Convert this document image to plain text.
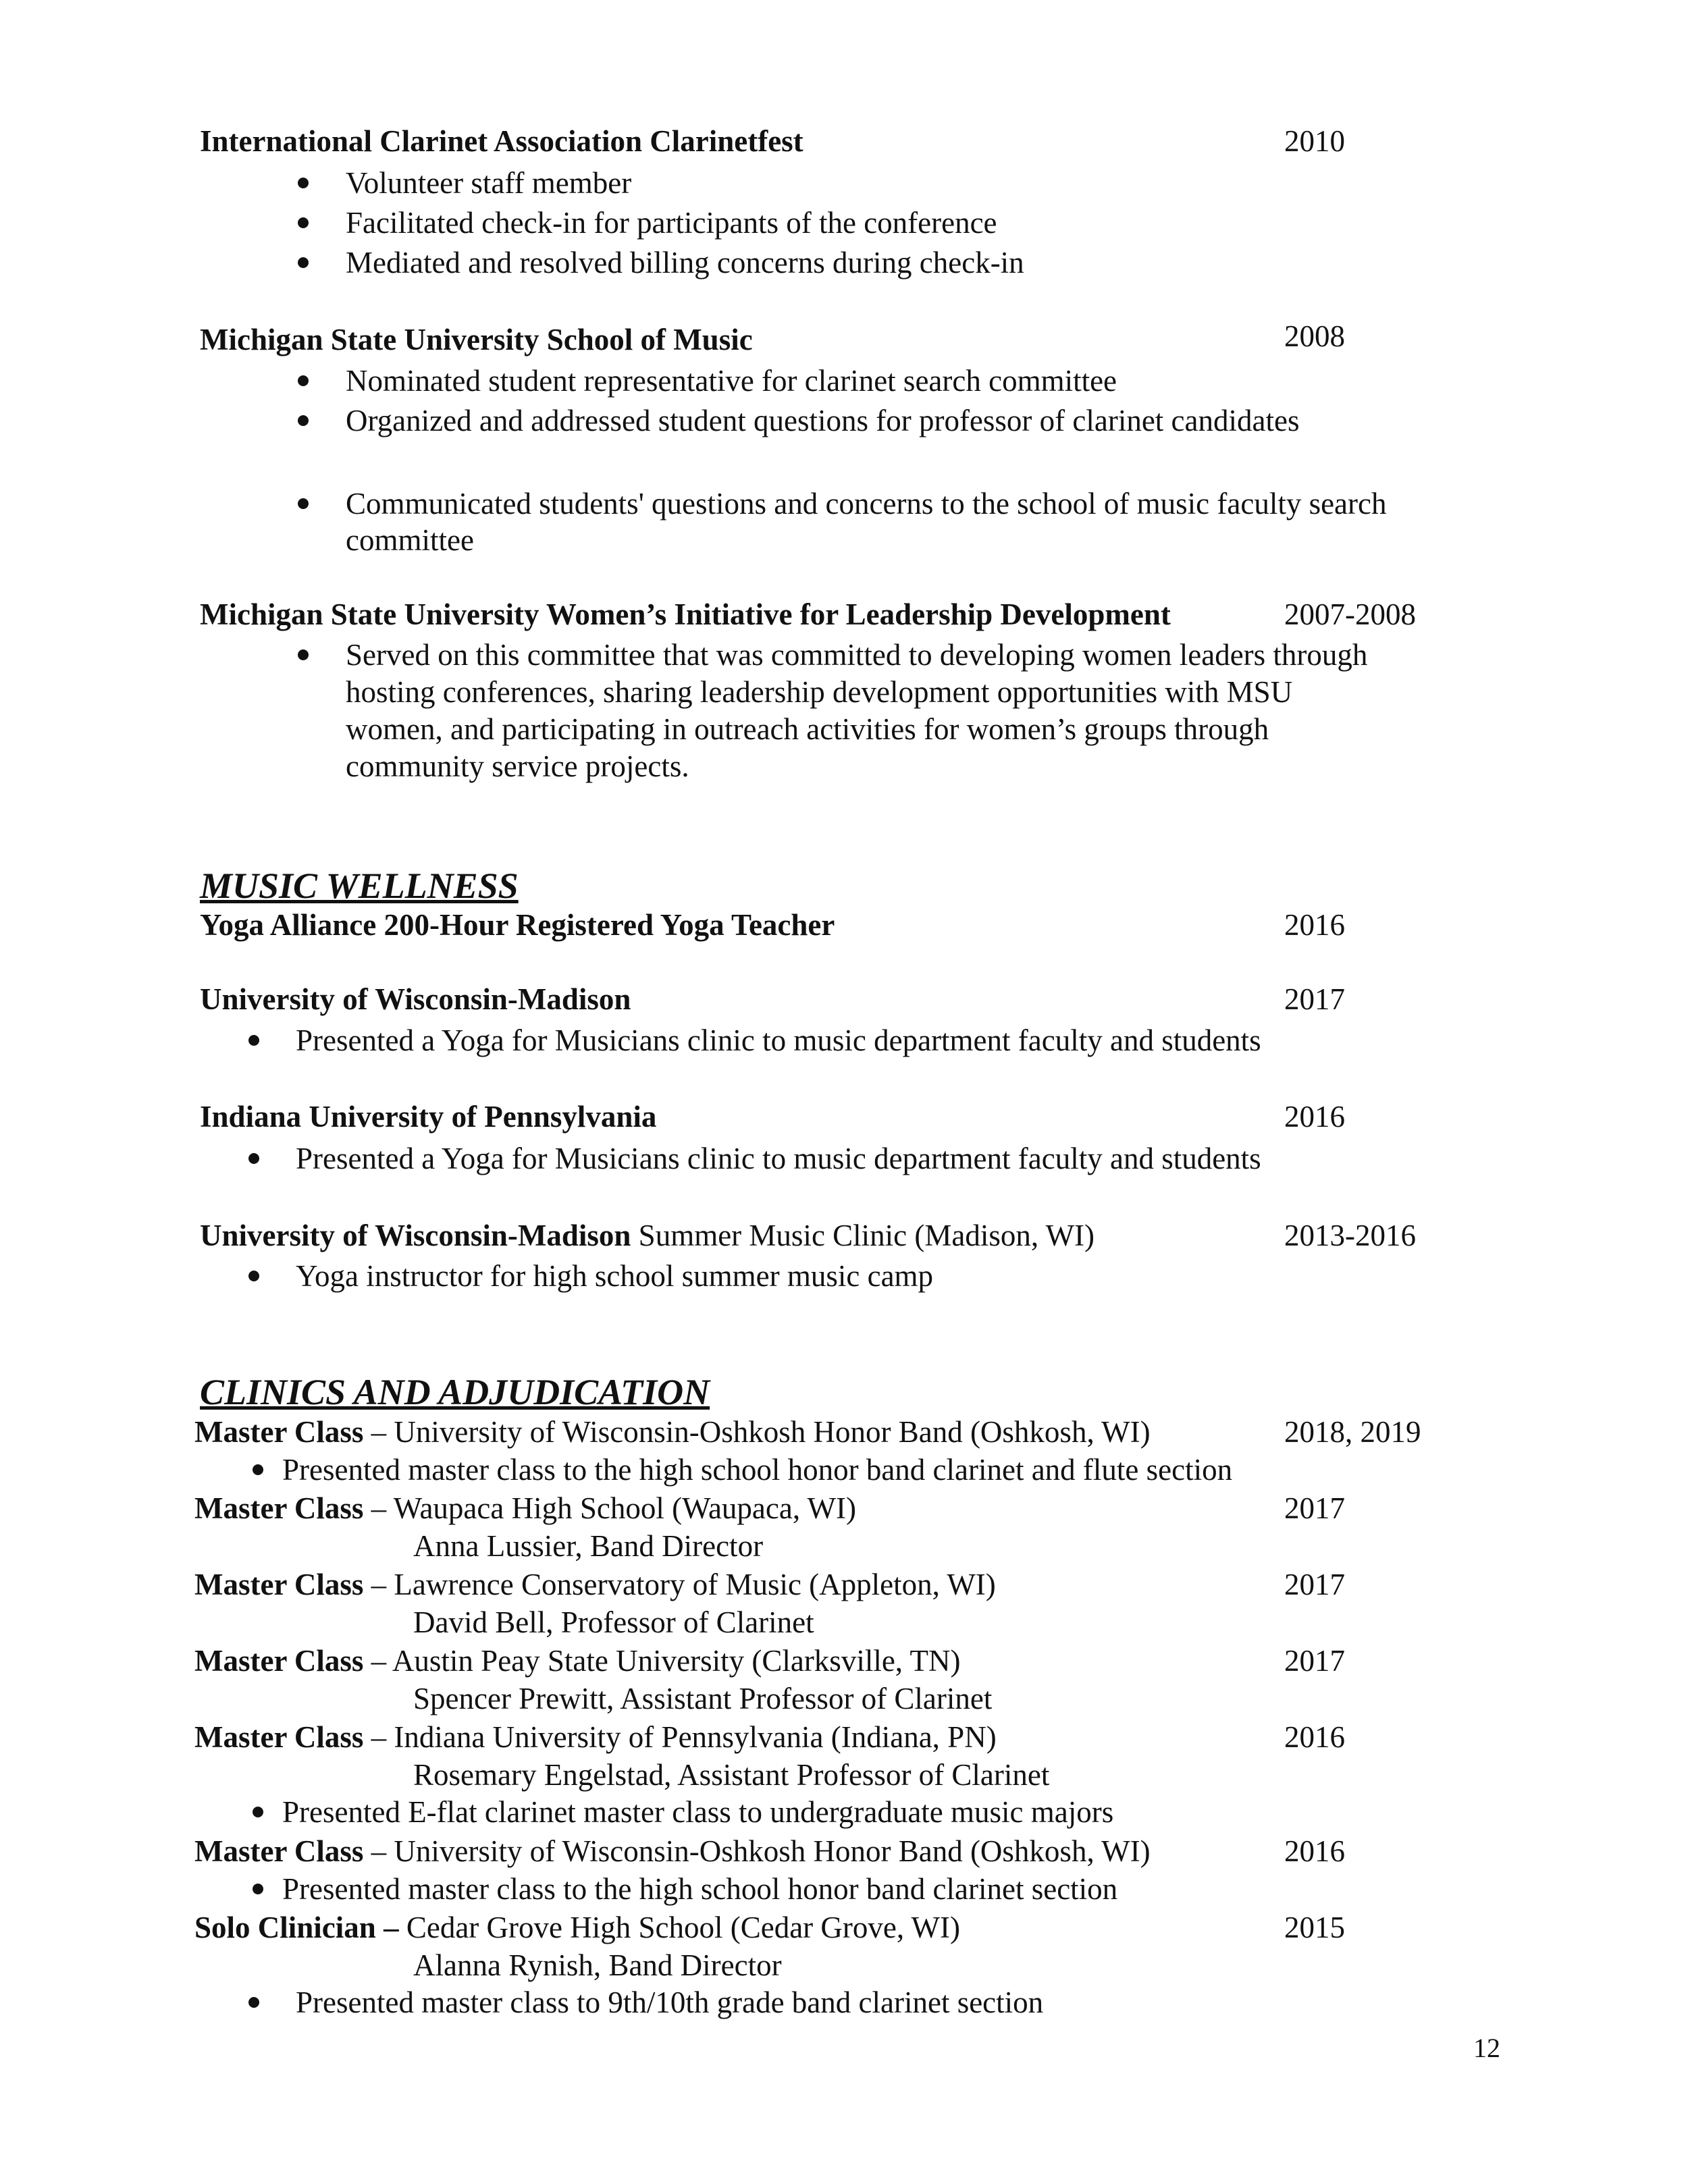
International Clarinet Association Clarinetfest	2010
Volunteer staff member
Facilitated check-in for participants of the conference
Mediated and resolved billing concerns during check-in
Michigan State University School of Music	2008
Nominated student representative for clarinet search committee
Organized and addressed student questions for professor of clarinet candidates
Communicated students' questions and concerns to the school of music faculty search
committee
Michigan State University Women’s Initiative for Leadership Development	2007-2008
Served on this committee that was committed to developing women leaders through
hosting conferences, sharing leadership development opportunities with MSU
women, and participating in outreach activities for women’s groups through
community service projects.
MUSIC WELLNESS
Yoga Alliance 200-Hour Registered Yoga Teacher	2016
University of Wisconsin-Madison	2017
Presented a Yoga for Musicians clinic to music department faculty and students
Indiana University of Pennsylvania	2016
Presented a Yoga for Musicians clinic to music department faculty and students
University of Wisconsin-Madison Summer Music Clinic (Madison, WI)	2013-2016
Yoga instructor for high school summer music camp
CLINICS AND ADJUDICATION
Master Class – University of Wisconsin-Oshkosh Honor Band (Oshkosh, WI)	2018, 2019
Presented master class to the high school honor band clarinet and flute section
Master Class – Waupaca High School (Waupaca, WI)	2017
Anna Lussier, Band Director
Master Class – Lawrence Conservatory of Music (Appleton, WI)	2017
David Bell, Professor of Clarinet
Master Class – Austin Peay State University (Clarksville, TN)	2017
Spencer Prewitt, Assistant Professor of Clarinet
Master Class – Indiana University of Pennsylvania (Indiana, PN)	2016
Rosemary Engelstad, Assistant Professor of Clarinet
Presented E-flat clarinet master class to undergraduate music majors
Master Class – University of Wisconsin-Oshkosh Honor Band (Oshkosh, WI)	2016
Presented master class to the high school honor band clarinet section
Solo Clinician – Cedar Grove High School (Cedar Grove, WI)	2015
Alanna Rynish, Band Director
Presented master class to 9th/10th grade band clarinet section
12
